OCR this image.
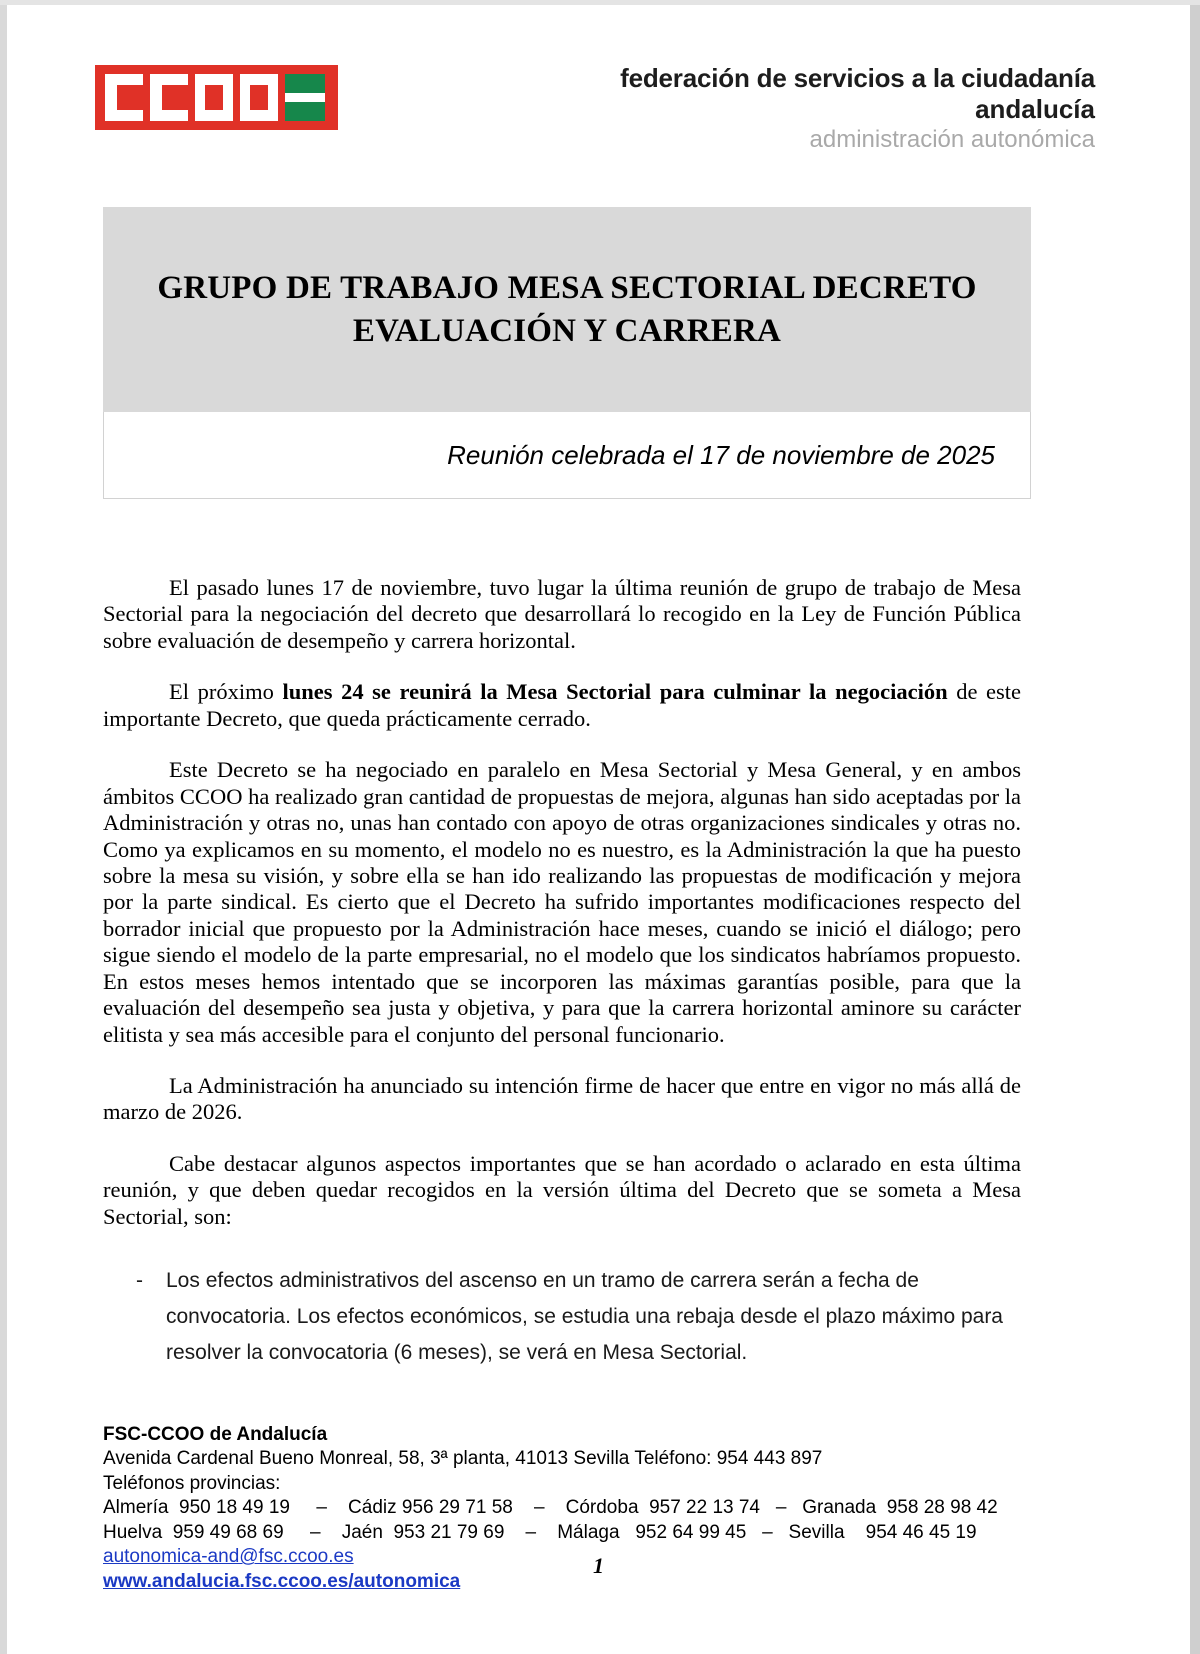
federación de servicios a la ciudadanía
andalucía
administración autonómica
GRUPO DE TRABAJO MESA SECTORIAL DECRETO EVALUACIÓN Y CARRERA
Reunión celebrada el 17 de noviembre de 2025

El pasado lunes 17 de noviembre, tuvo lugar la última reunión de grupo de trabajo de Mesa Sectorial para la negociación del decreto que desarrollará lo recogido en la Ley de Función Pública sobre evaluación de desempeño y carrera horizontal.

El próximo lunes 24 se reunirá la Mesa Sectorial para culminar la negociación de este importante Decreto, que queda prácticamente cerrado.

Este Decreto se ha negociado en paralelo en Mesa Sectorial y Mesa General, y en ambos ámbitos CCOO ha realizado gran cantidad de propuestas de mejora, algunas han sido aceptadas por la Administración y otras no, unas han contado con apoyo de otras organizaciones sindicales y otras no. Como ya explicamos en su momento, el modelo no es nuestro, es la Administración la que ha puesto sobre la mesa su visión, y sobre ella se han ido realizando las propuestas de modificación y mejora por la parte sindical. Es cierto que el Decreto ha sufrido importantes modificaciones respecto del borrador inicial que propuesto por la Administración hace meses, cuando se inició el diálogo; pero sigue siendo el modelo de la parte empresarial, no el modelo que los sindicatos habríamos propuesto. En estos meses hemos intentado que se incorporen las máximas garantías posible, para que la evaluación del desempeño sea justa y objetiva, y para que la carrera horizontal aminore su carácter elitista y sea más accesible para el conjunto del personal funcionario.

La Administración ha anunciado su intención firme de hacer que entre en vigor no más allá de marzo de 2026.

Cabe destacar algunos aspectos importantes que se han acordado o aclarado en esta última reunión, y que deben quedar recogidos en la versión última del Decreto que se someta a Mesa Sectorial, son:

- Los efectos administrativos del ascenso en un tramo de carrera serán a fecha de convocatoria. Los efectos económicos, se estudia una rebaja desde el plazo máximo para resolver la convocatoria (6 meses), se verá en Mesa Sectorial.
FSC-CCOO de Andalucía
Avenida Cardenal Bueno Monreal, 58, 3ª planta, 41013 Sevilla Teléfono: 954 443 897
Teléfonos provincias:
Almería  950 18 49 19     –    Cádiz 956 29 71 58    –    Córdoba  957 22 13 74   –   Granada  958 28 98 42
Huelva  959 49 68 69     –    Jaén  953 21 79 69    –    Málaga   952 64 99 45   –   Sevilla    954 46 45 19
autonomica-and@fsc.ccoo.es
www.andalucia.fsc.ccoo.es/autonomica
1
